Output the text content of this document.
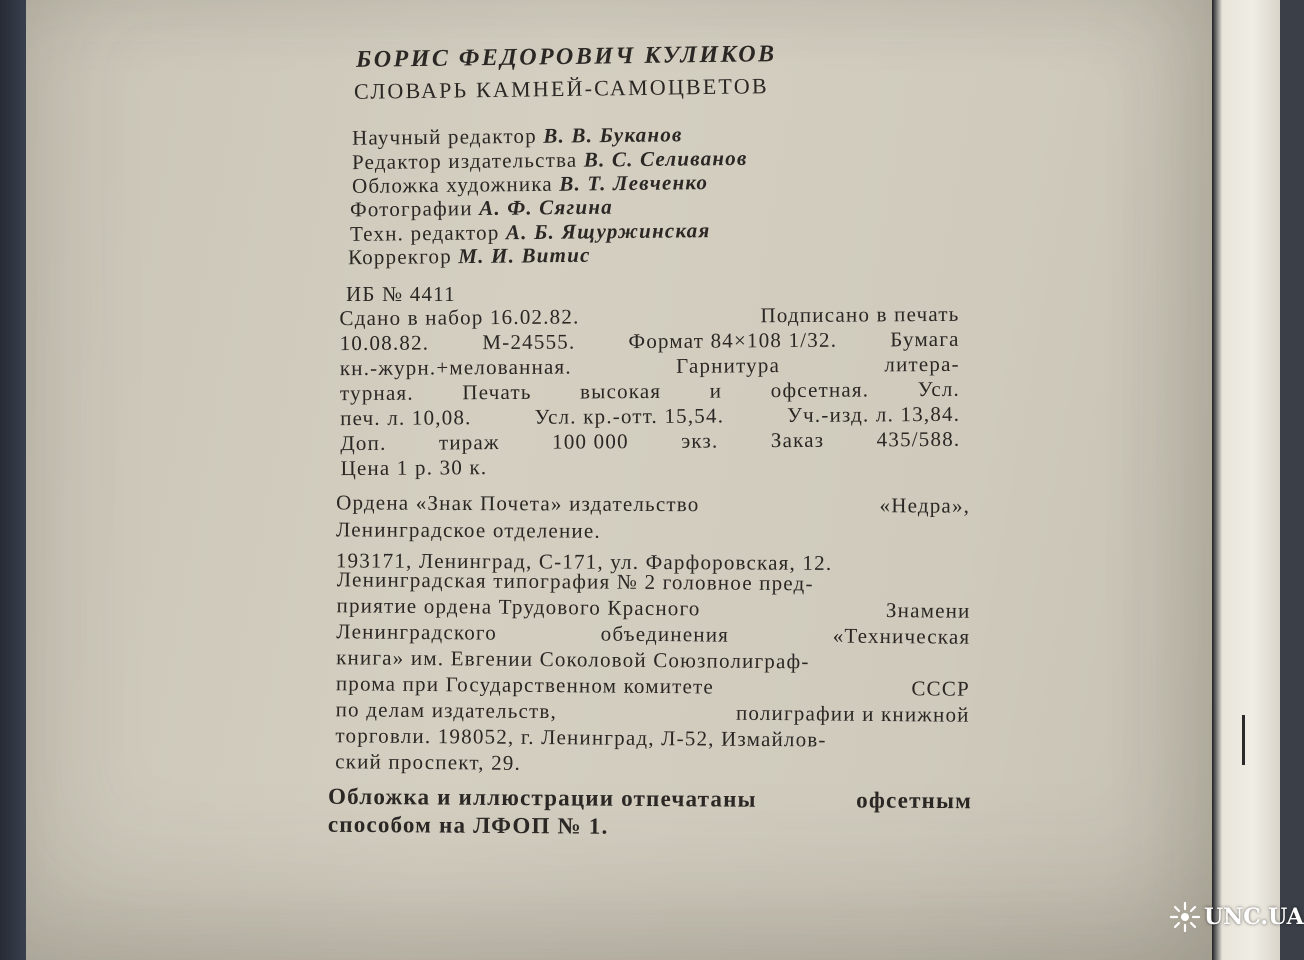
БОРИС ФЕДОРОВИЧ КУЛИКОВ
СЛОВАРЬ КАМНЕЙ-САМОЦВЕТОВ
Научный редактор В. В. Буканов
Редактор издательства В. С. Селиванов
Обложка художника В. Т. Левченко
Фотографии А. Ф. Сягина
Техн. редактор А. Б. Ящуржинская
Коррекгор М. И. Витис
ИБ № 4411
Сдано в набор 16.02.82.	Подписано в печать
10.08.82.	М-24555.	Формат 84×108 1/32.	Бумага
кн.-журн.+мелованная.	Гарнитура	литера-
турная. Печать высокая и офсетная. Усл.
печ. л. 10,08.	Усл. кр.-отт. 15,54.	Уч.-изд. л. 13,84.
Доп. тираж 100 000 экз. Заказ 435/588.
Цена 1 р. 30 к.
Ордена «Знак Почета» издательство	«Недра»,
Ленинградское отделение.
193171, Ленинград, С-171, ул. Фарфоровская, 12.
Ленинградская типография № 2 головное пред-
приятие ордена Трудового Красного	Знамени
Ленинградского	объединения	«Техническая
книга» им. Евгении Соколовой Союзполиграф-
прома при Государственном комитете	СССР
по делам издательств,	полиграфии и книжной
торговли. 198052, г. Ленинград, Л-52, Измайлов-
ский проспект, 29.
Обложка и иллюстрации отпечатаны	офсетным
способом на ЛФОП № 1.
UNC.UA
